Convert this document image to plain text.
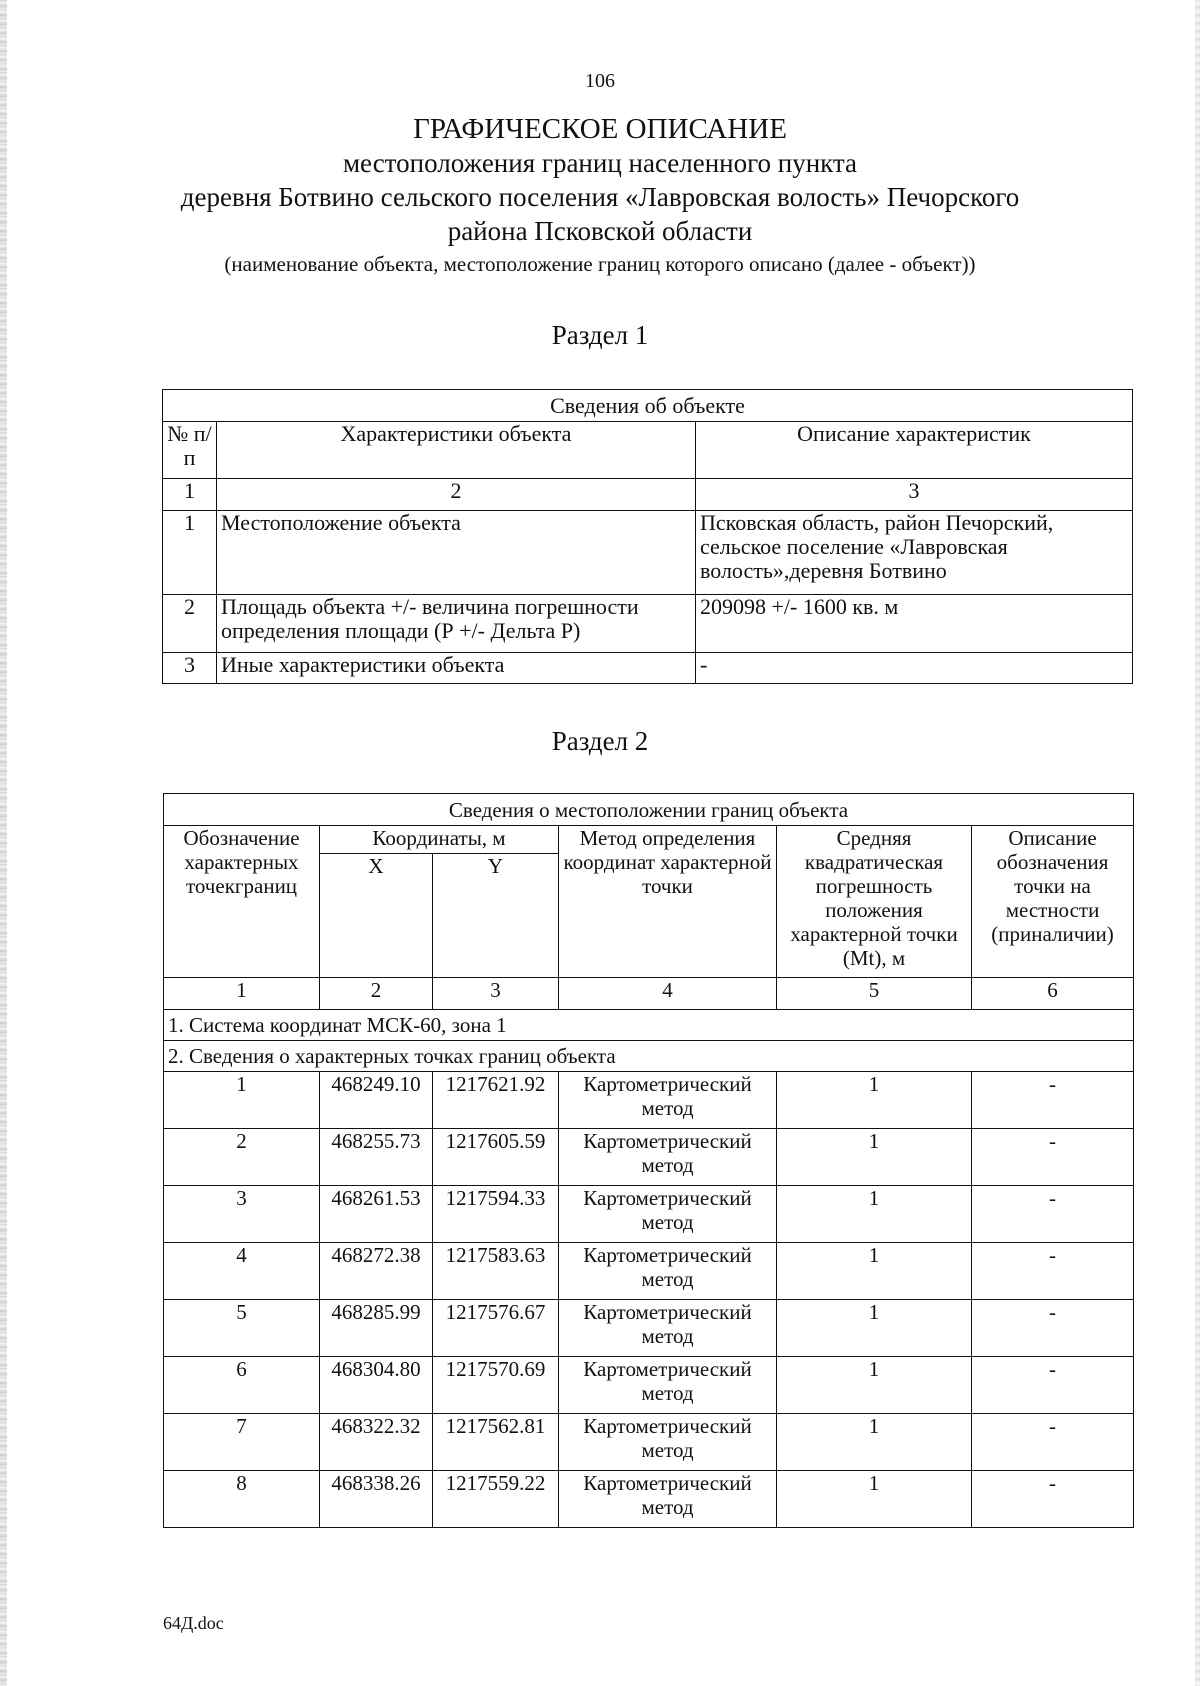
106
ГРАФИЧЕСКОЕ ОПИСАНИЕ
местоположения границ населенного пункта
деревня Ботвино сельского поселения «Лавровская волость» Печорского
района Псковской области
(наименование объекта, местоположение границ которого описано (далее - объект))
Раздел 1
Сведения об объекте		
№ п/п	Характеристики объекта	Описание характеристик
1	2	3
1	Местоположение объекта	Псковская область, район Печорский, сельское поселение «Лавровская волость»,деревня Ботвино
2	Площадь объекта +/- величина погрешности определения площади (Р +/- Дельта Р)	209098 +/- 1600 кв. м
3	Иные характеристики объекта	-
Раздел 2
Сведения о местоположении границ объекта					
Обозначение характерных точекграниц	Координаты, м		Метод определения координат характерной точки	Средняя квадратическая погрешность положения характерной точки (Mt), м	Описание обозначения точки на местности (приналичии)
	X	Y			
1	2	3	4	5	6
1. Система координат МСК-60, зона 1					
2. Сведения о характерных точках границ объекта					
1	468249.10	1217621.92	Картометрический метод	1	-
2	468255.73	1217605.59	Картометрический метод	1	-
3	468261.53	1217594.33	Картометрический метод	1	-
4	468272.38	1217583.63	Картометрический метод	1	-
5	468285.99	1217576.67	Картометрический метод	1	-
6	468304.80	1217570.69	Картометрический метод	1	-
7	468322.32	1217562.81	Картометрический метод	1	-
8	468338.26	1217559.22	Картометрический метод	1	-
64Д.doc
